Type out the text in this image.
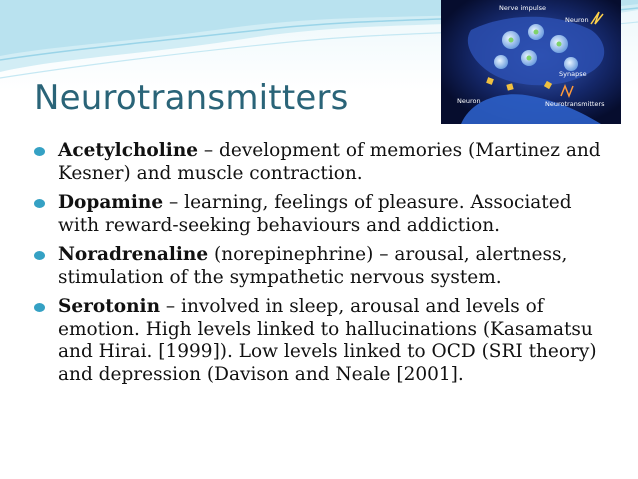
Nerve impulse
Neuron
Synapse
Neuron	Neurotransmitters
Neurotransmitters
Acetylcholine – development of memories (Martinez and Kesner) and muscle contraction.
Dopamine – learning, feelings of pleasure. Associated with reward-seeking behaviours and addiction.
Noradrenaline (norepinephrine) – arousal, alertness, stimulation of the sympathetic nervous system.
Serotonin – involved in sleep, arousal and levels of emotion. High levels linked to hallucinations (Kasamatsu and Hirai. [1999]). Low levels linked to OCD (SRI theory) and depression (Davison and Neale [2001].
